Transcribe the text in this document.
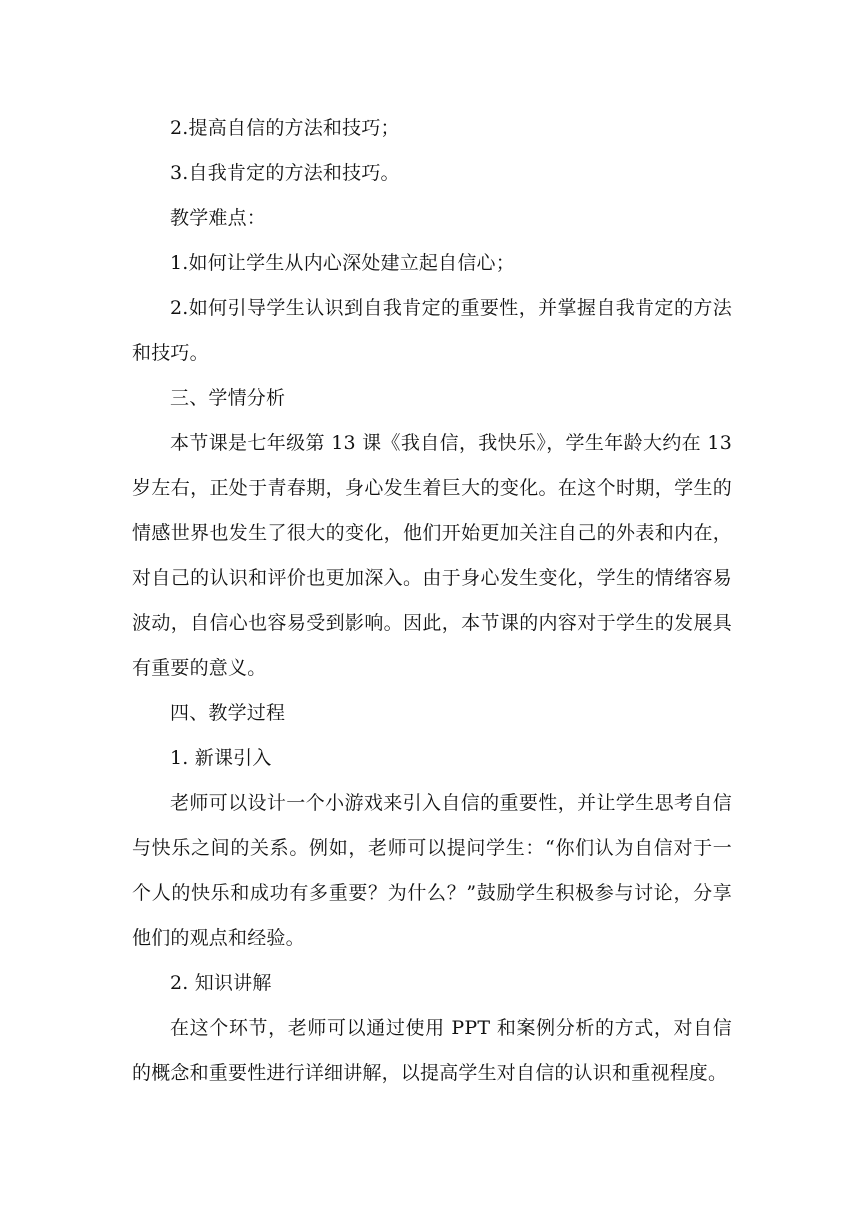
2.提高自信的方法和技巧；

3.自我肯定的方法和技巧。

教学难点：

1.如何让学生从内心深处建立起自信心；

2.如何引导学生认识到自我肯定的重要性，并掌握自我肯定的方法和技巧。

三、学情分析

本节课是七年级第 13 课《我自信，我快乐》，学生年龄大约在 13 岁左右，正处于青春期，身心发生着巨大的变化。在这个时期，学生的情感世界也发生了很大的变化，他们开始更加关注自己的外表和内在，对自己的认识和评价也更加深入。由于身心发生变化，学生的情绪容易波动，自信心也容易受到影响。因此，本节课的内容对于学生的发展具有重要的意义。

四、教学过程

1. 新课引入

老师可以设计一个小游戏来引入自信的重要性，并让学生思考自信与快乐之间的关系。例如，老师可以提问学生：“你们认为自信对于一个人的快乐和成功有多重要？为什么？”鼓励学生积极参与讨论，分享他们的观点和经验。

2. 知识讲解

在这个环节，老师可以通过使用 PPT 和案例分析的方式，对自信的概念和重要性进行详细讲解，以提高学生对自信的认识和重视程度。
